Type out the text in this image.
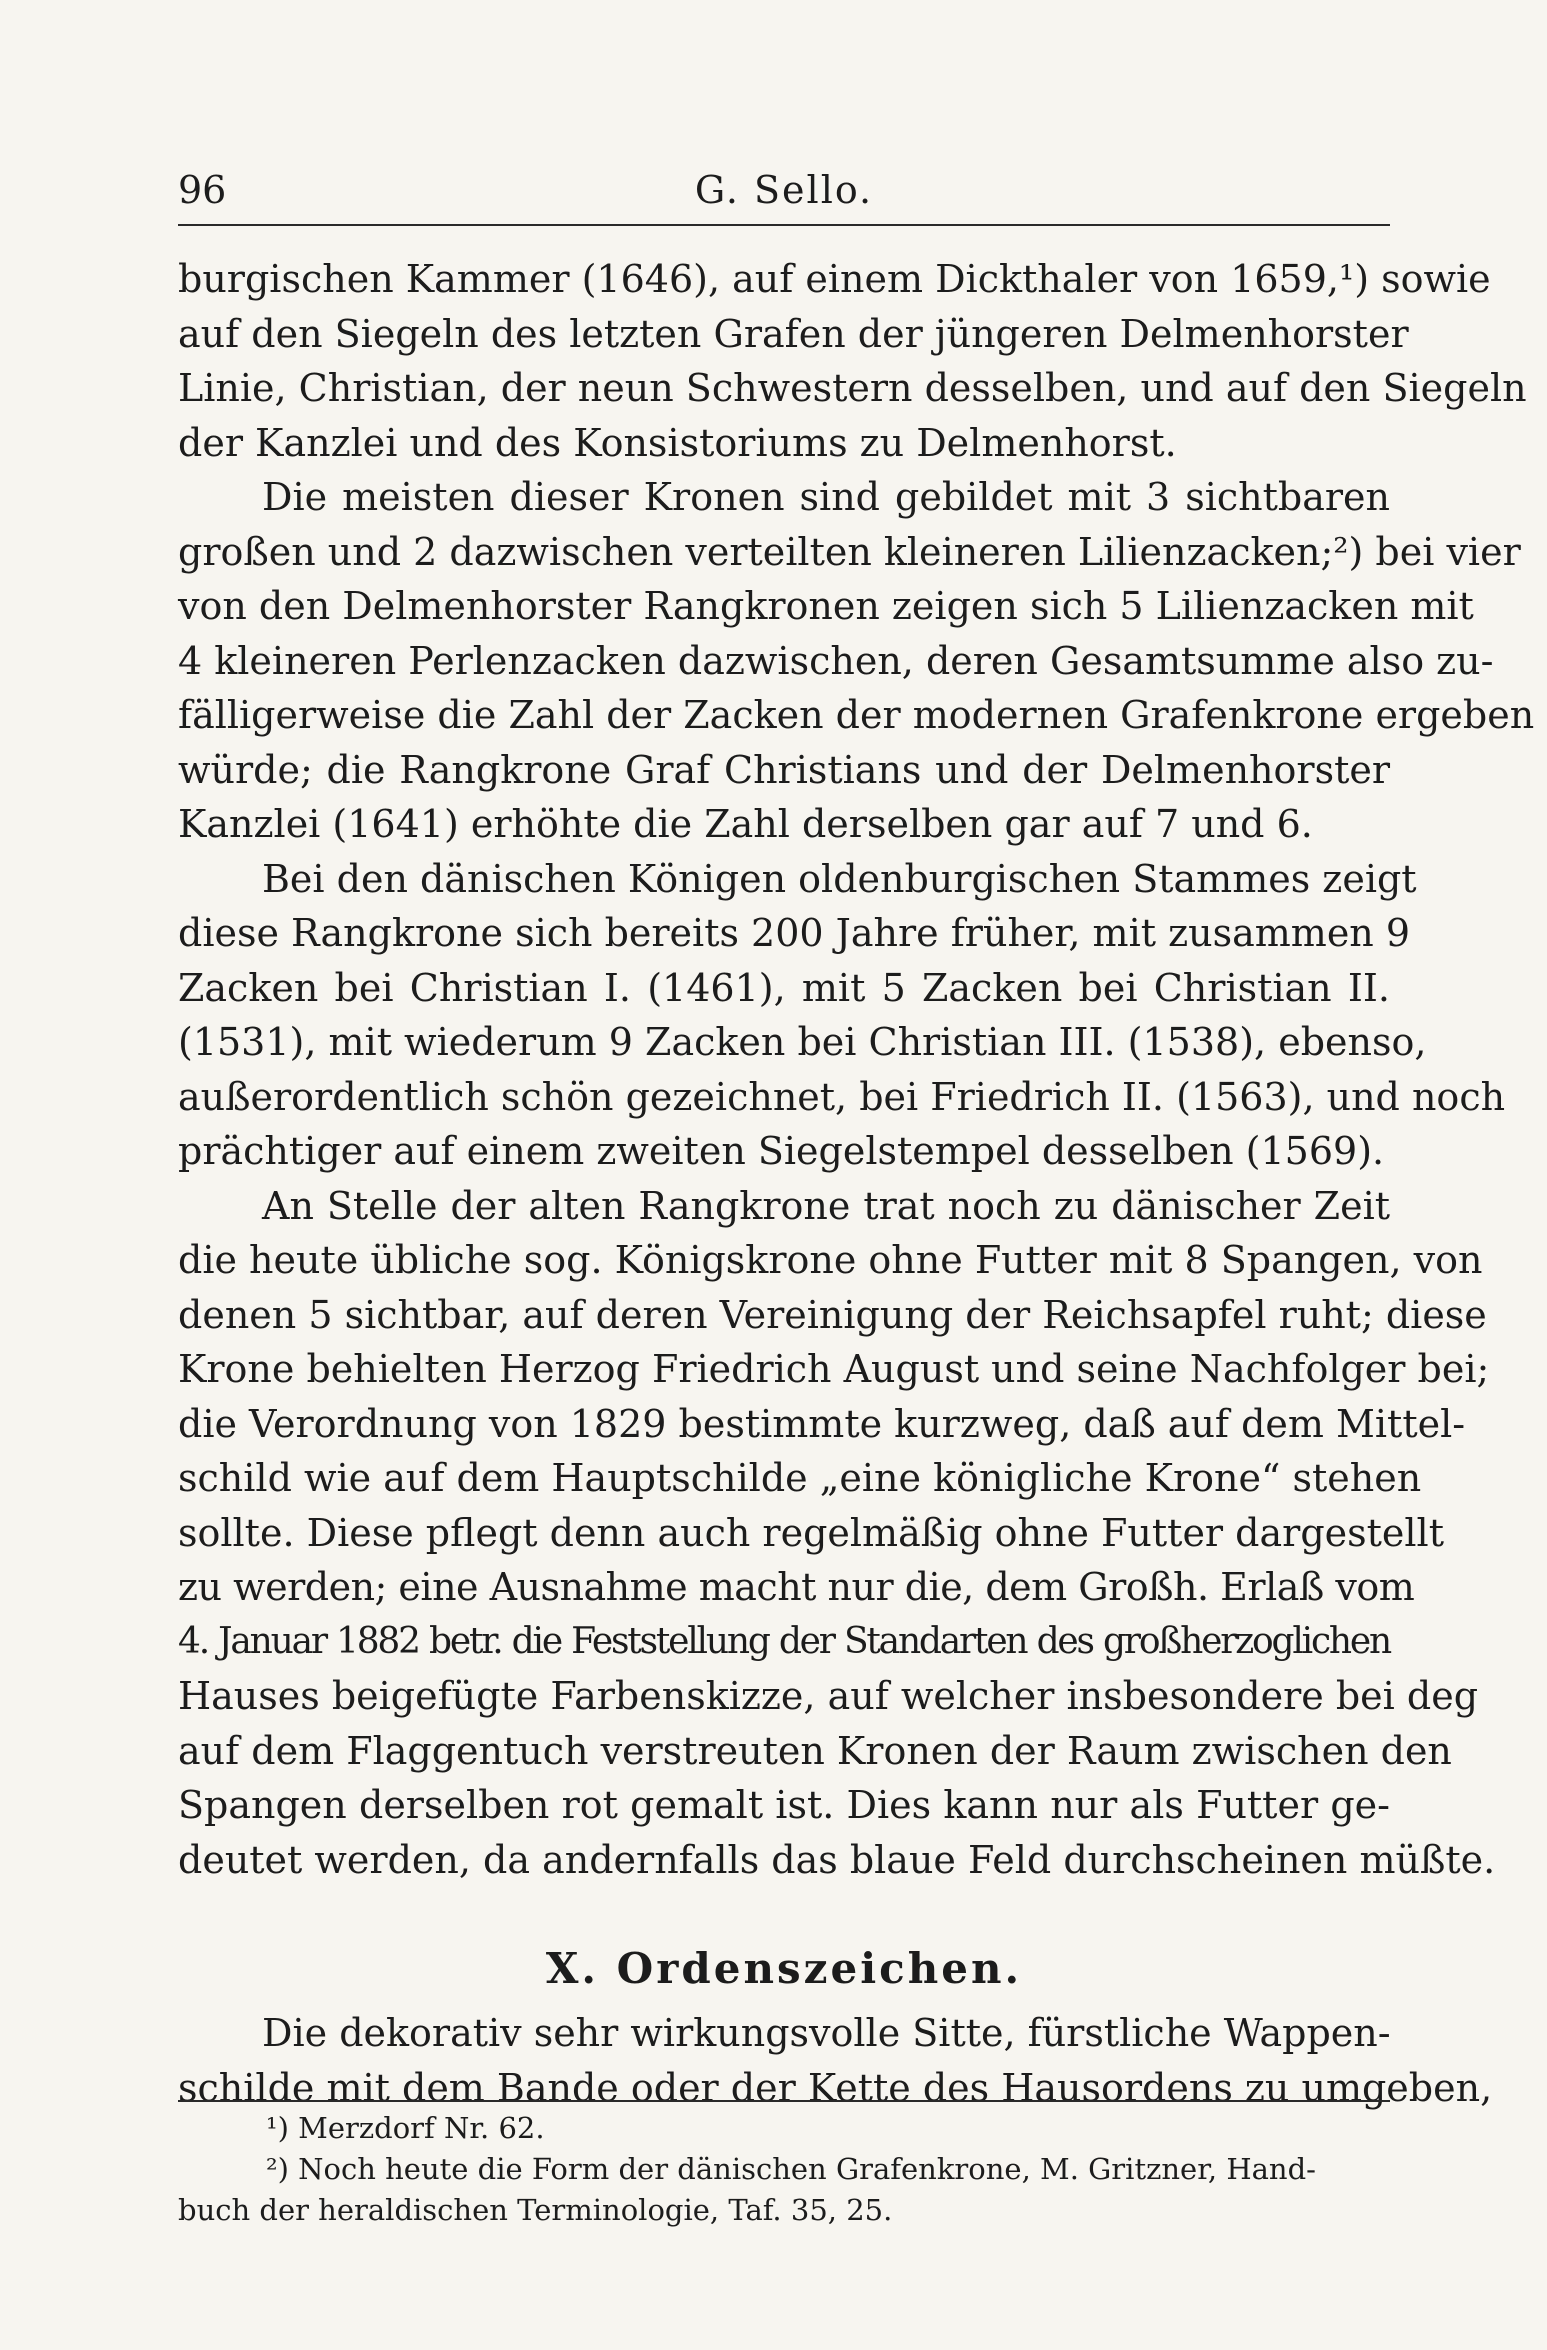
96	G. Sello.
burgischen Kammer (1646), auf einem Dickthaler von 1659,¹) sowie
auf den Siegeln des letzten Grafen der jüngeren Delmenhorster
Linie, Christian, der neun Schwestern desselben, und auf den Siegeln
der Kanzlei und des Konsistoriums zu Delmenhorst.
Die meisten dieser Kronen sind gebildet mit 3 sichtbaren
großen und 2 dazwischen verteilten kleineren Lilienzacken;²) bei vier
von den Delmenhorster Rangkronen zeigen sich 5 Lilienzacken mit
4 kleineren Perlenzacken dazwischen, deren Gesamtsumme also zu-
fälligerweise die Zahl der Zacken der modernen Grafenkrone ergeben
würde; die Rangkrone Graf Christians und der Delmenhorster
Kanzlei (1641) erhöhte die Zahl derselben gar auf 7 und 6.
Bei den dänischen Königen oldenburgischen Stammes zeigt
diese Rangkrone sich bereits 200 Jahre früher, mit zusammen 9
Zacken bei Christian I. (1461), mit 5 Zacken bei Christian II.
(1531), mit wiederum 9 Zacken bei Christian III. (1538), ebenso,
außerordentlich schön gezeichnet, bei Friedrich II. (1563), und noch
prächtiger auf einem zweiten Siegelstempel desselben (1569).
An Stelle der alten Rangkrone trat noch zu dänischer Zeit
die heute übliche sog. Königskrone ohne Futter mit 8 Spangen, von
denen 5 sichtbar, auf deren Vereinigung der Reichsapfel ruht; diese
Krone behielten Herzog Friedrich August und seine Nachfolger bei;
die Verordnung von 1829 bestimmte kurzweg, daß auf dem Mittel-
schild wie auf dem Hauptschilde „eine königliche Krone“ stehen
sollte. Diese pflegt denn auch regelmäßig ohne Futter dargestellt
zu werden; eine Ausnahme macht nur die, dem Großh. Erlaß vom
4. Januar 1882 betr. die Feststellung der Standarten des großherzoglichen
Hauses beigefügte Farbenskizze, auf welcher insbesondere bei deg
auf dem Flaggentuch verstreuten Kronen der Raum zwischen den
Spangen derselben rot gemalt ist. Dies kann nur als Futter ge-
deutet werden, da andernfalls das blaue Feld durchscheinen müßte.
X. Ordenszeichen.
Die dekorativ sehr wirkungsvolle Sitte, fürstliche Wappen-
schilde mit dem Bande oder der Kette des Hausordens zu umgeben,
¹) Merzdorf Nr. 62.
²) Noch heute die Form der dänischen Grafenkrone, M. Gritzner, Hand-
buch der heraldischen Terminologie, Taf. 35, 25.
